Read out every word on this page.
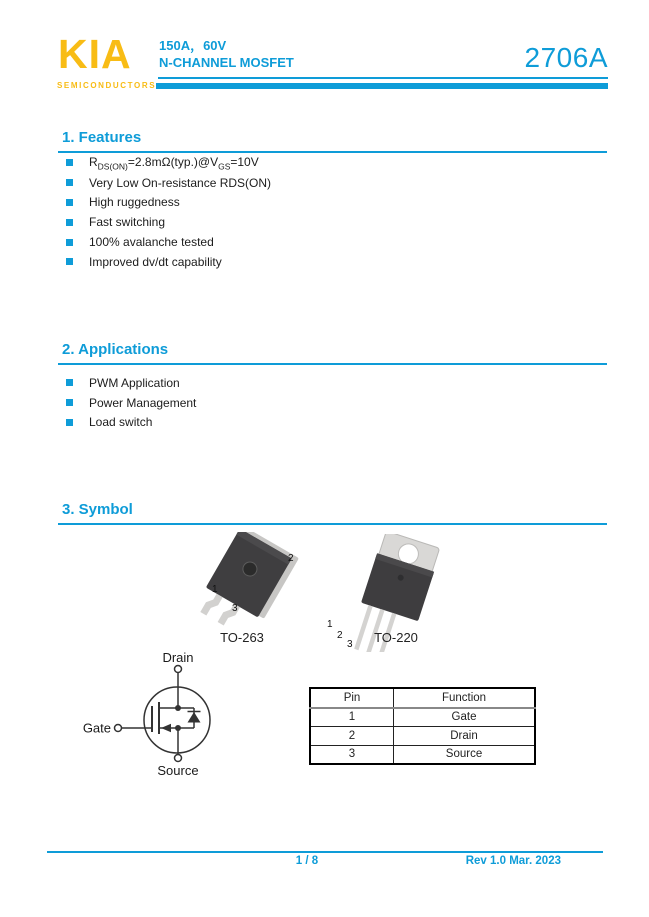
KIA
SEMICONDUCTORS
150A，60V
N-CHANNEL MOSFET	2706A
1. Features
$R_{DS(ON)}=2.8m\Omega(typ.)@V_{GS}=10V$
Very Low On-resistance RDS(ON)
High ruggedness
Fast switching
100% avalanche tested
Improved dv/dt capability
2. Applications
PWM Application
Power Management
Load switch
3. Symbol
1
3
2
TO-263
1
2
3	TO-220
Drain
Gate
Source
Pin	Function
1	Gate
2	Drain
3	Source
1 / 8	Rev 1.0 Mar. 2023
